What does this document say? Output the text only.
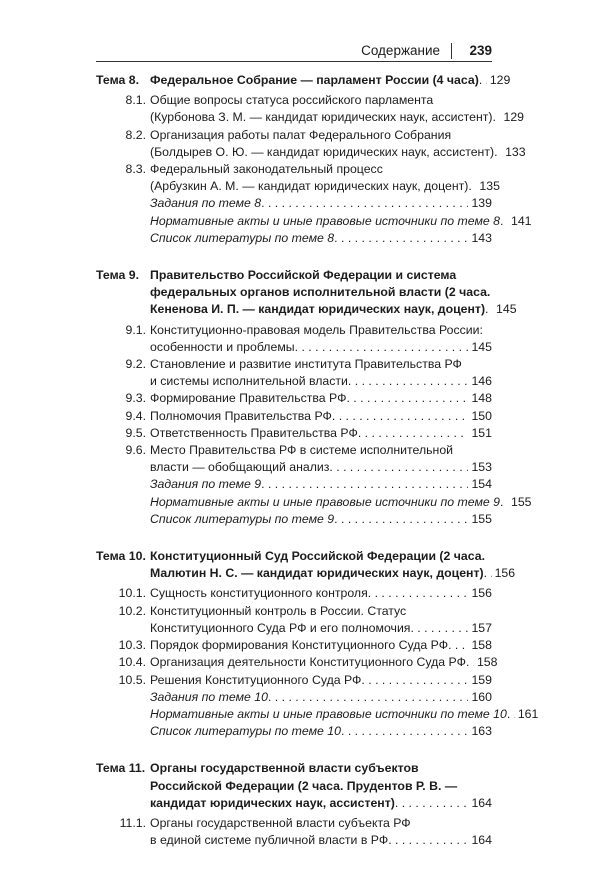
Содержание 239
Тема 8. Федеральное Собрание — парламент России (4 часа) . . . 129
8.1. Общие вопросы статуса российского парламента
(Курбонова З. М. — кандидат юридических наук, ассистент) . . . 129
8.2. Организация работы палат Федерального Собрания
(Болдырев О. Ю. — кандидат юридических наук, ассистент) . . . 133
8.3. Федеральный законодательный процесс
(Арбузкин А. М. — кандидат юридических наук, доцент) . . . 135
Задания по теме 8 . . .	139
Нормативные акты и иные правовые источники по теме 8 . . . 141
Список литературы по теме 8 . . .	143
Тема 9. Правительство Российской Федерации и система
федеральных органов исполнительной власти (2 часа.
Кененова И. П. — кандидат юридических наук, доцент) . . . 145
9.1. Конституционно-правовая модель Правительства России:
особенности и проблемы . . .	145
9.2. Становление и развитие института Правительства РФ
и системы исполнительной власти . . .	146
9.3. Формирование Правительства РФ . . .	148
9.4. Полномочия Правительства РФ . . .	150
9.5. Ответственность Правительства РФ . . .	151
9.6. Место Правительства РФ в системе исполнительной
власти — обобщающий анализ . . .	153
Задания по теме 9 . . .	154
Нормативные акты и иные правовые источники по теме 9 . . . 155
Список литературы по теме 9 . . .	155
Тема 10. Конституционный Суд Российской Федерации (2 часа.
Малютин Н. С. — кандидат юридических наук, доцент) . . . 156
10.1. Сущность конституционного контроля . . .	156
10.2. Конституционный контроль в России. Статус
Конституционного Суда РФ и его полномочия . . .	157
10.3. Порядок формирования Конституционного Суда РФ . . . 158
10.4. Организация деятельности Конституционного Суда РФ . . . 158
10.5. Решения Конституционного Суда РФ . . .	159
Задания по теме 10 . . .	160
Нормативные акты и иные правовые источники по теме 10 . . . 161
Список литературы по теме 10 . . .	163
Тема 11. Органы государственной власти субъектов
Российской Федерации (2 часа. Прудентов Р. В. —
кандидат юридических наук, ассистент) . . .	164
11.1. Органы государственной власти субъекта РФ
в единой системе публичной власти в РФ . . .	164
